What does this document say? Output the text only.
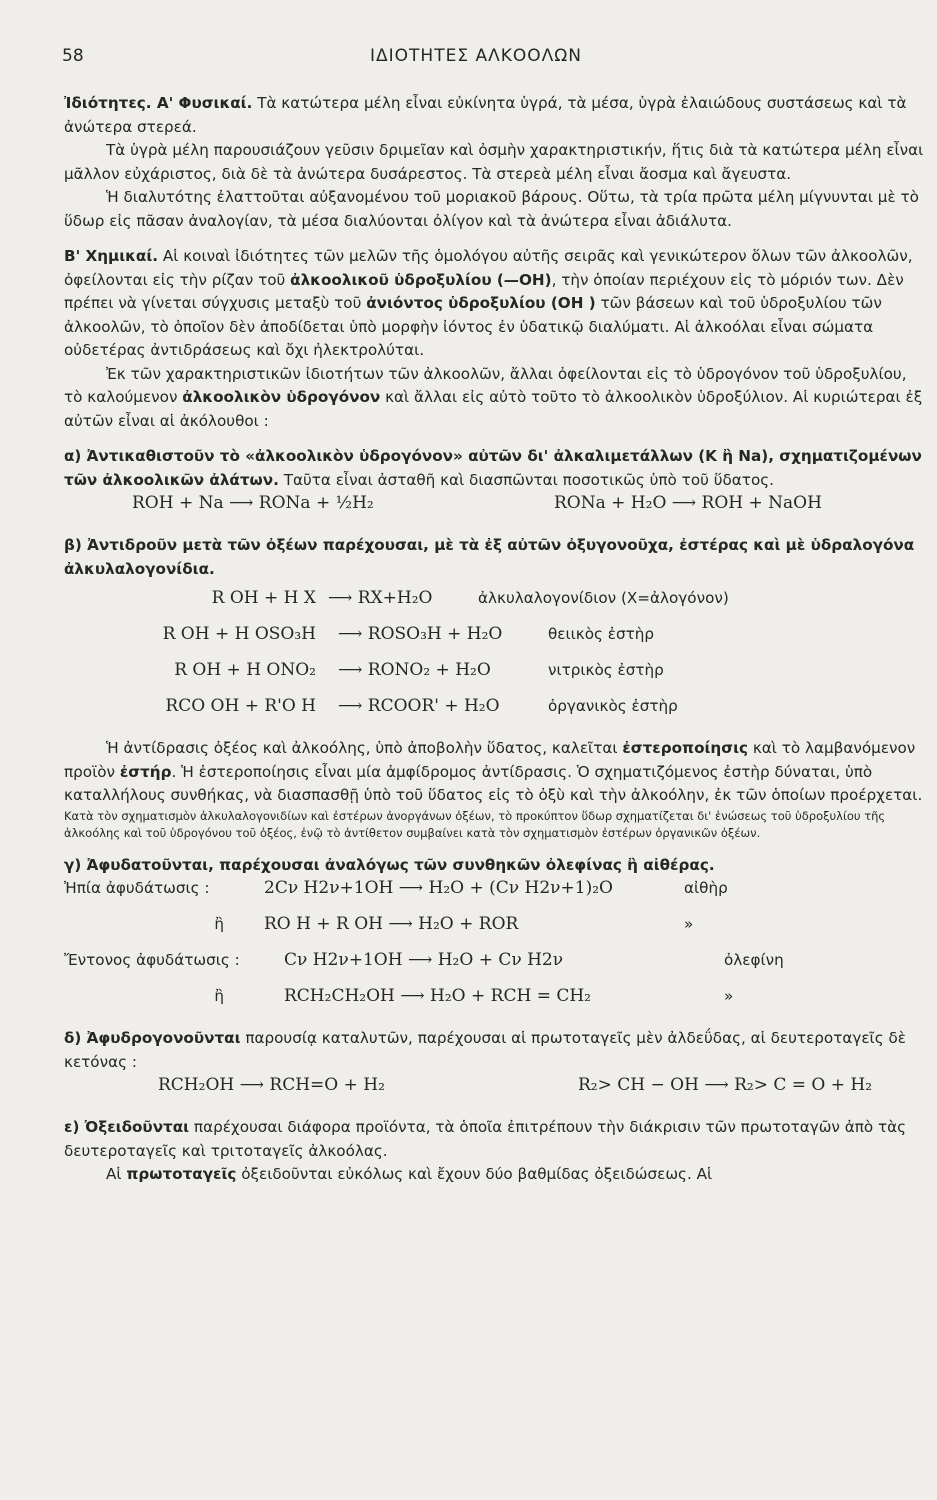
58	ΙΔΙΟΤΗΤΕΣ ΑΛΚΟΟΛΩΝ

Ἰδιότητες. Α' Φυσικαί. Τὰ κατώτερα μέλη εἶναι εὐκίνητα ὑγρά, τὰ μέσα, ὑγρὰ ἐλαιώδους συστάσεως καὶ τὰ ἀνώτερα στερεά.

Τὰ ὑγρὰ μέλη παρουσιάζουν γεῦσιν δριμεῖαν καὶ ὀσμὴν χαρακτηριστικήν, ἥτις διὰ τὰ κατώτερα μέλη εἶναι μᾶλλον εὐχάριστος, διὰ δὲ τὰ ἀνώτερα δυσάρεστος. Τὰ στερεὰ μέλη εἶναι ἄοσμα καὶ ἄγευστα.

Ἡ διαλυτότης ἐλαττοῦται αὐξανομένου τοῦ μοριακοῦ βάρους. Οὕτω, τὰ τρία πρῶτα μέλη μίγνυνται μὲ τὸ ὕδωρ εἰς πᾶσαν ἀναλογίαν, τὰ μέσα διαλύονται ὀλίγον καὶ τὰ ἀνώτερα εἶναι ἀδιάλυτα.

Β' Χημικαί. Αἱ κοιναὶ ἰδιότητες τῶν μελῶν τῆς ὁμολόγου αὐτῆς σειρᾶς καὶ γενικώτερον ὅλων τῶν ἀλκοολῶν, ὀφείλονται εἰς τὴν ρίζαν τοῦ ἀλκοολικοῦ ὑδροξυλίου (—ΟΗ), τὴν ὁποίαν περιέχουν εἰς τὸ μόριόν των. Δὲν πρέπει νὰ γίνεται σύγχυσις μεταξὺ τοῦ ἀνιόντος ὑδροξυλίου (ΟΗ ) τῶν βάσεων καὶ τοῦ ὑδροξυλίου τῶν ἀλκοολῶν, τὸ ὁποῖον δὲν ἀποδίδεται ὑπὸ μορφὴν ἰόντος ἐν ὑδατικῷ διαλύματι. Αἱ ἀλκοόλαι εἶναι σώματα οὐδετέρας ἀντιδράσεως καὶ ὄχι ἠλεκτρολύται.

Ἐκ τῶν χαρακτηριστικῶν ἰδιοτήτων τῶν ἀλκοολῶν, ἄλλαι ὀφείλονται εἰς τὸ ὑδρογόνον τοῦ ὑδροξυλίου, τὸ καλούμενον ἀλκοολικὸν ὑδρογόνον καὶ ἄλλαι εἰς αὐτὸ τοῦτο τὸ ἀλκοολικὸν ὑδροξύλιον. Αἱ κυριώτεραι ἐξ αὐτῶν εἶναι αἱ ἀκόλουθοι :

α) Ἀντικαθιστοῦν τὸ «ἀλκοολικὸν ὑδρογόνον» αὐτῶν δι' ἀλκαλιμετάλλων (Κ ἢ Νa), σχηματιζομένων τῶν ἀλκοολικῶν ἀλάτων. Ταῦτα εἶναι ἀσταθῆ καὶ διασπῶνται ποσοτικῶς ὑπὸ τοῦ ὕδατος.

ROH + Na ⟶ RONa + ½H₂	RONa + H₂O ⟶ ROH + NaOH

β) Ἀντιδροῦν μετὰ τῶν ὀξέων παρέχουσαι, μὲ τὰ ἐξ αὐτῶν ὀξυγονοῦχα, ἐστέρας καὶ μὲ ὑδραλογόνα ἀλκυλαλογονίδια.

R OH + H X ⟶ RX+H₂O	ἀλκυλαλογονίδιον (X=ἀλογόνον)
R OH + H OSO₃H ⟶ ROSO₃H + H₂O	θειικὸς ἐστὴρ
R OH + H ONO₂ ⟶ RONO₂ + H₂O	νιτρικὸς ἐστὴρ
RCO OH + R'O H ⟶ RCOOR' + H₂O	ὀργανικὸς ἐστὴρ

Ἡ ἀντίδρασις ὀξέος καὶ ἀλκοόλης, ὑπὸ ἀποβολὴν ὕδατος, καλεῖται ἐστεροποίησις καὶ τὸ λαμβανόμενον προϊὸν ἐστήρ. Ἡ ἐστεροποίησις εἶναι μία ἀμφίδρομος ἀντίδρασις. Ὁ σχηματιζόμενος ἐστὴρ δύναται, ὑπὸ καταλλήλους συνθήκας, νὰ διασπασθῇ ὑπὸ τοῦ ὕδατος εἰς τὸ ὀξὺ καὶ τὴν ἀλκοόλην, ἐκ τῶν ὁποίων προέρχεται.

Κατὰ τὸν σχηματισμὸν ἀλκυλαλογονιδίων καὶ ἐστέρων ἀνοργάνων ὀξέων, τὸ προκύπτον ὕδωρ σχηματίζεται δι' ἑνώσεως τοῦ ὑδροξυλίου τῆς ἀλκοόλης καὶ τοῦ ὑδρογόνου τοῦ ὀξέος, ἐνῷ τὸ ἀντίθετον συμβαίνει κατὰ τὸν σχηματισμὸν ἐστέρων ὀργανικῶν ὀξέων.

γ) Ἀφυδατοῦνται, παρέχουσαι ἀναλόγως τῶν συνθηκῶν ὀλεφίνας ἢ αἰθέρας.

Ἠπία ἀφυδάτωσις :	2Cν H2ν+1OH ⟶ H₂O + (Cν H2ν+1)₂O	αἰθὴρ
ἢ	RO H + R OH ⟶ H₂O + ROR	»
Ἔντονος ἀφυδάτωσις :	Cν H2ν+1OH ⟶ H₂O + Cν H2ν	ὀλεφίνη
ἢ	RCH₂CH₂OH ⟶ H₂O + RCH = CH₂	»

δ) Ἀφυδρογονοῦνται παρουσίᾳ καταλυτῶν, παρέχουσαι αἱ πρωτοταγεῖς μὲν ἀλδεΰδας, αἱ δευτεροταγεῖς δὲ κετόνας :

RCH₂OH ⟶ RCH=O + H₂	R₂> CH − OH ⟶ R₂> C = O + H₂

ε) Ὀξειδοῦνται παρέχουσαι διάφορα προϊόντα, τὰ ὁποῖα ἐπιτρέπουν τὴν διάκρισιν τῶν πρωτοταγῶν ἀπὸ τὰς δευτεροταγεῖς καὶ τριτοταγεῖς ἀλκοόλας.

Αἱ πρωτοταγεῖς ὀξειδοῦνται εὐκόλως καὶ ἔχουν δύο βαθμίδας ὀξειδώσεως. Αἱ
